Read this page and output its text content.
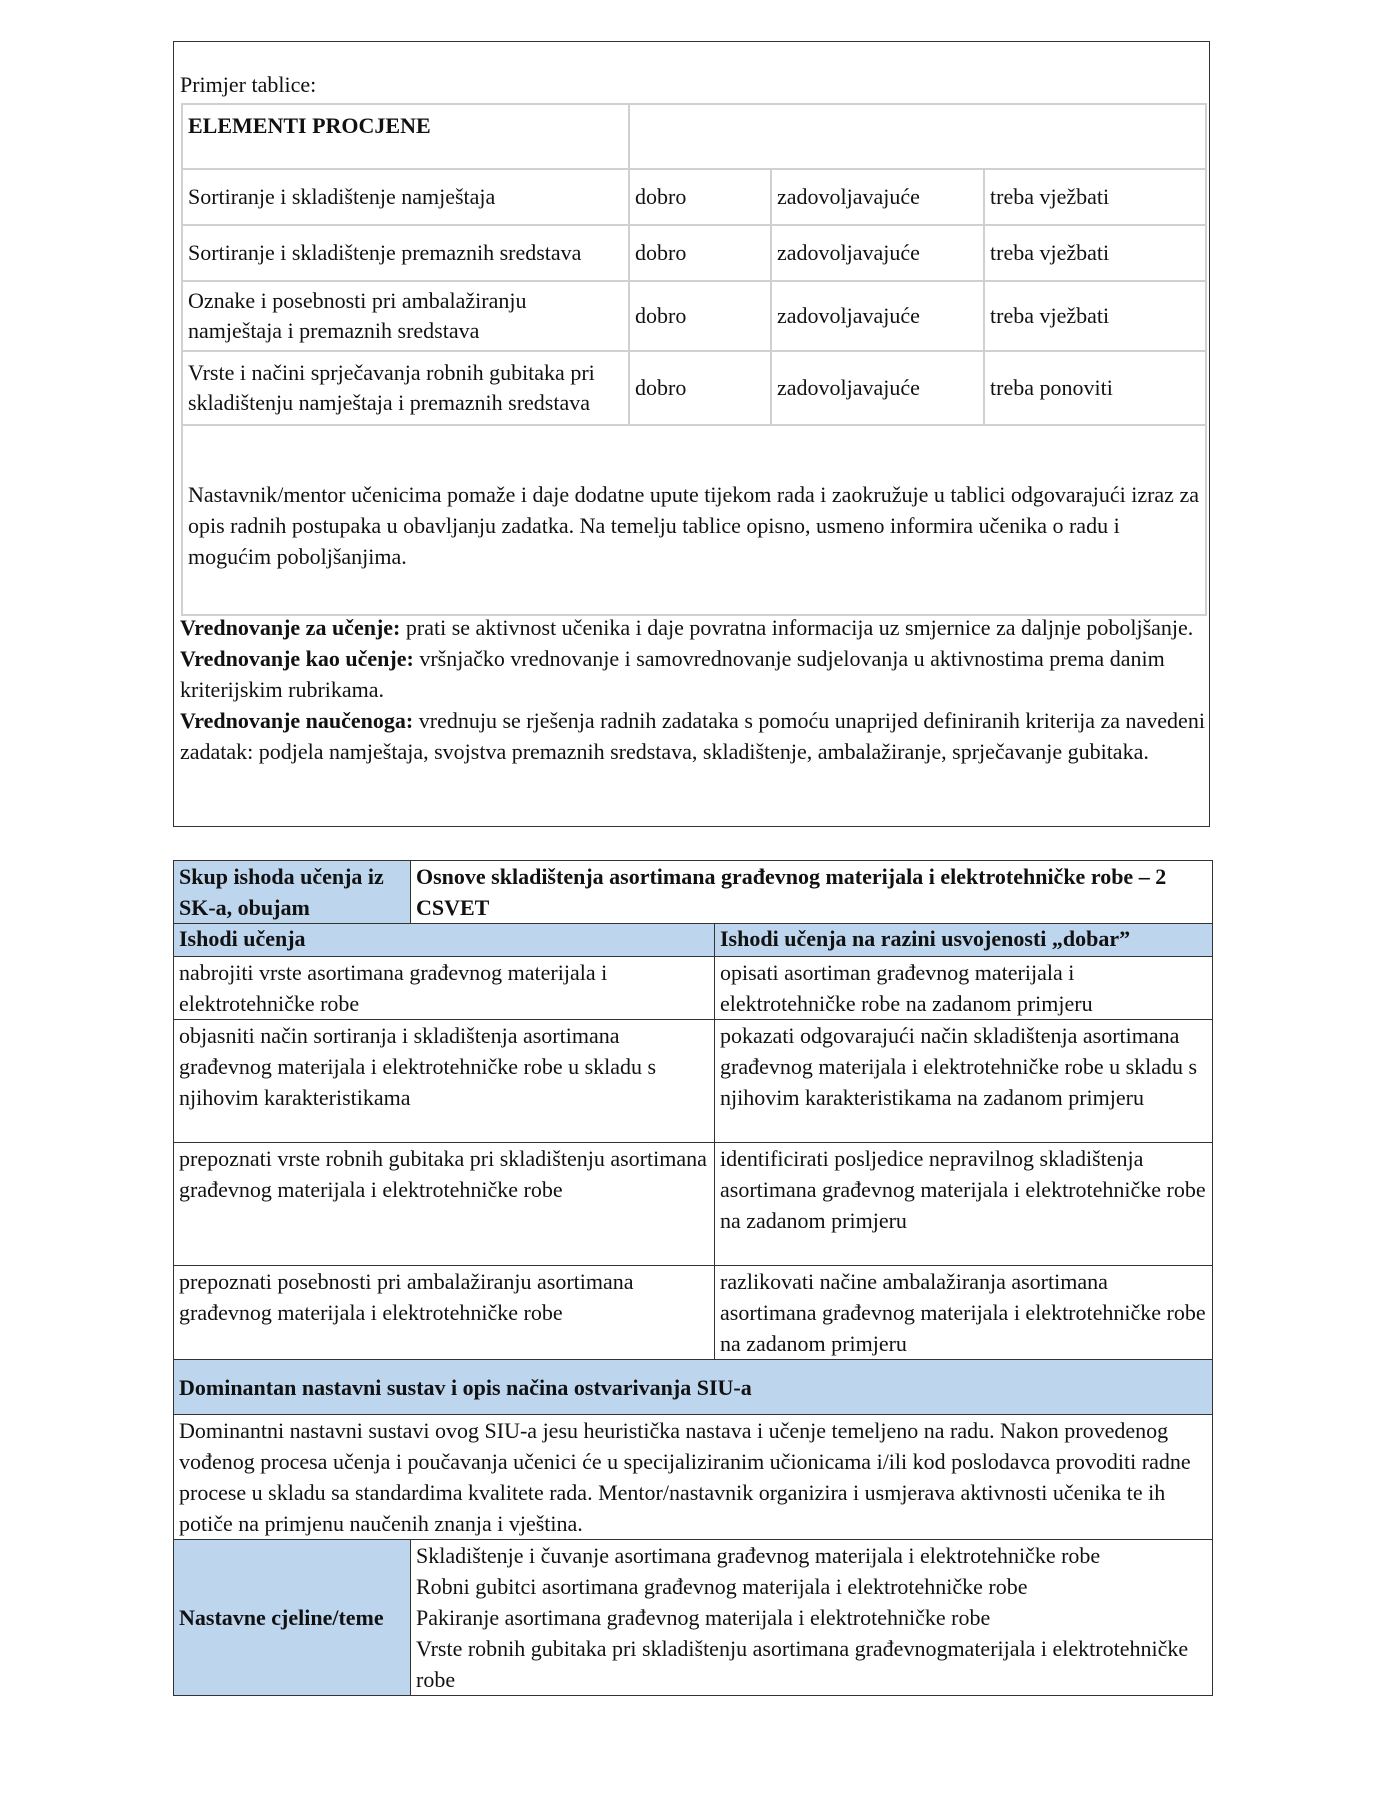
Primjer tablice:
ELEMENTI PROCJENE			
Sortiranje i skladištenje namještaja	dobro	zadovoljavajuće	treba vježbati
Sortiranje i skladištenje premaznih sredstava	dobro	zadovoljavajuće	treba vježbati
Oznake i posebnosti pri ambalažiranju namještaja i premaznih sredstava	dobro	zadovoljavajuće	treba vježbati
Vrste i načini sprječavanja robnih gubitaka pri skladištenju namještaja i premaznih sredstava	dobro	zadovoljavajuće	treba ponoviti
Nastavnik/mentor učenicima pomaže i daje dodatne upute tijekom rada i zaokružuje u tablici odgovarajući izraz za opis radnih postupaka u obavljanju zadatka. Na temelju tablice opisno, usmeno informira učenika o radu i mogućim poboljšanjima.			

Vrednovanje za učenje: prati se aktivnost učenika i daje povratna informacija uz smjernice za daljnje poboljšanje.

Vrednovanje kao učenje: vršnjačko vrednovanje i samovrednovanje sudjelovanja u aktivnostima prema danim kriterijskim rubrikama.

Vrednovanje naučenoga: vrednuju se rješenja radnih zadataka s pomoću unaprijed definiranih kriterija za navedeni zadatak: podjela namještaja, svojstva premaznih sredstava, skladištenje, ambalažiranje, sprječavanje gubitaka.

Skup ishoda učenja iz SK-a, obujam	Osnove skladištenja asortimana građevnog materijala i elektrotehničke robe – 2 CSVET	
Ishodi učenja		Ishodi učenja na razini usvojenosti „dobar”
nabrojiti vrste asortimana građevnog materijala i elektrotehničke robe		opisati asortiman građevnog materijala i elektrotehničke robe na zadanom primjeru
objasniti način sortiranja i skladištenja asortimana građevnog materijala i elektrotehničke robe u skladu s njihovim karakteristikama		pokazati odgovarajući način skladištenja asortimana građevnog materijala i elektrotehničke robe u skladu s njihovim karakteristikama na zadanom primjeru
prepoznati vrste robnih gubitaka pri skladištenju asortimana građevnog materijala i elektrotehničke robe		identificirati posljedice nepravilnog skladištenja asortimana građevnog materijala i elektrotehničke robe na zadanom primjeru
prepoznati posebnosti pri ambalažiranju asortimana građevnog materijala i elektrotehničke robe		razlikovati načine ambalažiranja asortimana asortimana građevnog materijala i elektrotehničke robe na zadanom primjeru
Dominantan nastavni sustav i opis načina ostvarivanja SIU-a		
Dominantni nastavni sustavi ovog SIU-a jesu heuristička nastava i učenje temeljeno na radu. Nakon provedenog vođenog procesa učenja i poučavanja učenici će u specijaliziranim učionicama i/ili kod poslodavca provoditi radne procese u skladu sa standardima kvalitete rada. Mentor/nastavnik organizira i usmjerava aktivnosti učenika te ih potiče na primjenu naučenih znanja i vještina.		
Nastavne cjeline/teme	Skladištenje i čuvanje asortimana građevnog materijala i elektrotehničke robe
Robni gubitci asortimana građevnog materijala i elektrotehničke robe
Pakiranje asortimana građevnog materijala i elektrotehničke robe
Vrste robnih gubitaka pri skladištenju asortimana građevnogmaterijala i elektrotehničke robe	
